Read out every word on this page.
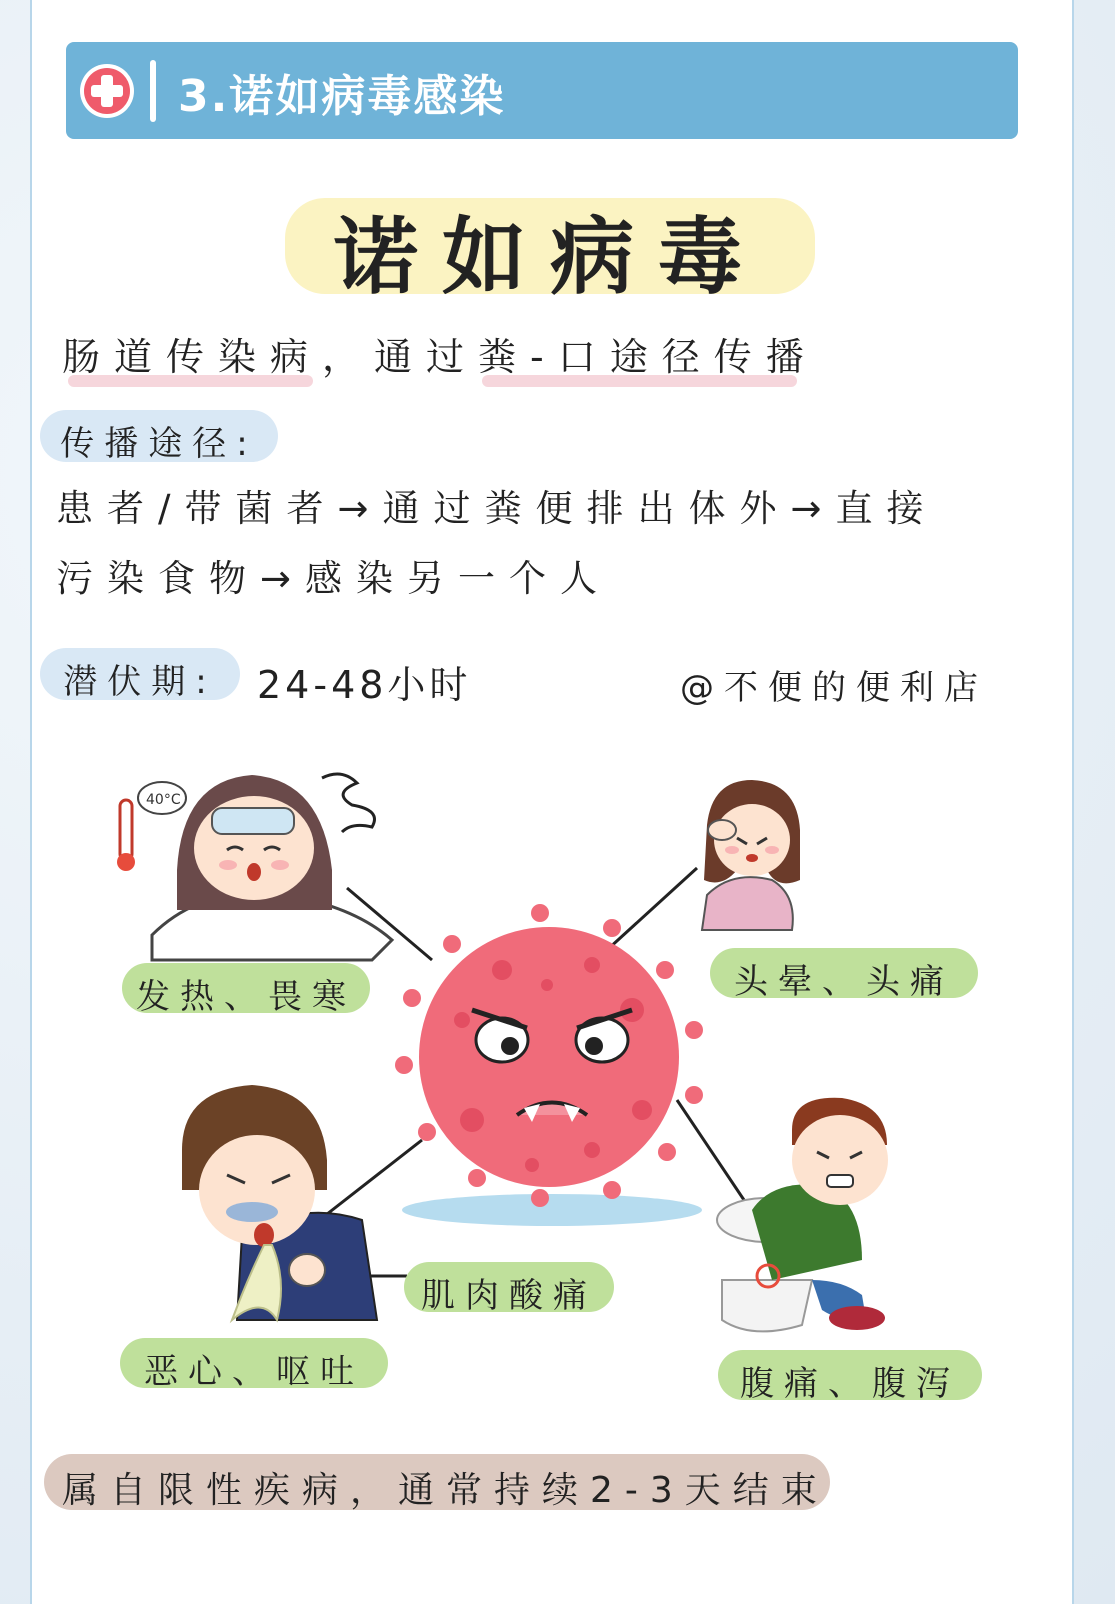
3.诺如病毒感染
诺如病毒
肠道传染病，通过粪-口途径传播
传播途径:
患者/带菌者→通过粪便排出体外→直接
污染食物→感染另一个人
潜伏期:	24-48小时	@不便的便利店
40°C
发热、畏寒	头晕、头痛
肌肉酸痛
恶心、呕吐	腹痛、腹泻
属自限性疾病，通常持续2-3天结束
